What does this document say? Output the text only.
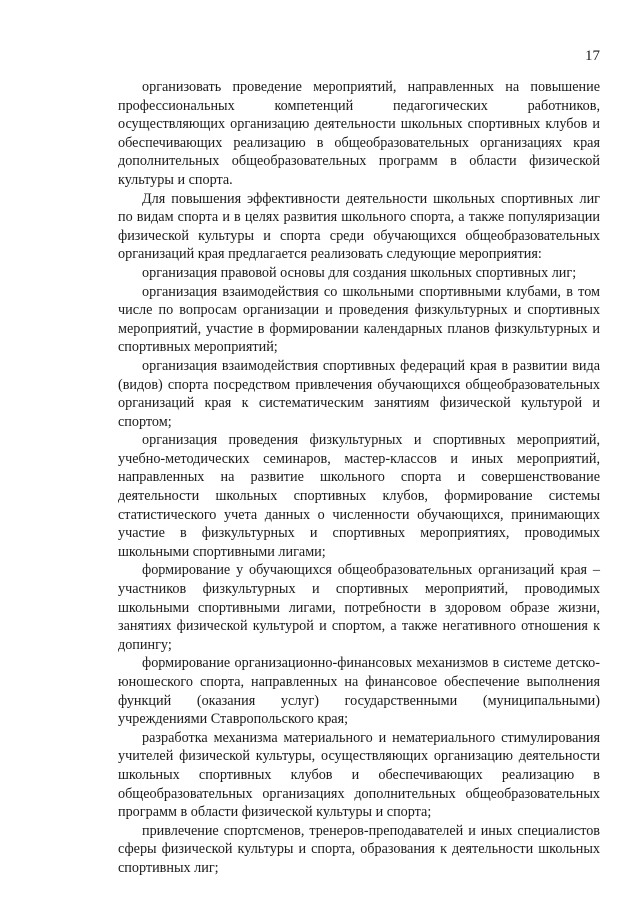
17

организовать проведение мероприятий, направленных на повышение профессиональных компетенций педагогических работников, осуществляющих организацию деятельности школьных спортивных клубов и обеспечивающих реализацию в общеобразовательных организациях края дополнительных общеобразовательных программ в области физической культуры и спорта.

Для повышения эффективности деятельности школьных спортивных лиг по видам спорта и в целях развития школьного спорта, а также популяризации физической культуры и спорта среди обучающихся общеобразовательных организаций края предлагается реализовать следующие мероприятия:

организация правовой основы для создания школьных спортивных лиг;

организация взаимодействия со школьными спортивными клубами, в том числе по вопросам организации и проведения физкультурных и спортивных мероприятий, участие в формировании календарных планов физкультурных и спортивных мероприятий;

организация взаимодействия спортивных федераций края в развитии вида (видов) спорта посредством привлечения обучающихся общеобразовательных организаций края к систематическим занятиям физической культурой и спортом;

организация проведения физкультурных и спортивных мероприятий, учебно-методических семинаров, мастер-классов и иных мероприятий, направленных на развитие школьного спорта и совершенствование деятельности школьных спортивных клубов, формирование системы статистического учета данных о численности обучающихся, принимающих участие в физкультурных и спортивных мероприятиях, проводимых школьными спортивными лигами;

формирование у обучающихся общеобразовательных организаций края – участников физкультурных и спортивных мероприятий, проводимых школьными спортивными лигами, потребности в здоровом образе жизни, занятиях физической культурой и спортом, а также негативного отношения к допингу;

формирование организационно-финансовых механизмов в системе детско-юношеского спорта, направленных на финансовое обеспечение выполнения функций (оказания услуг) государственными (муниципальными) учреждениями Ставропольского края;

разработка механизма материального и нематериального стимулирования учителей физической культуры, осуществляющих организацию деятельности школьных спортивных клубов и обеспечивающих реализацию в общеобразовательных организациях дополнительных общеобразовательных программ в области физической культуры и спорта;

привлечение спортсменов, тренеров-преподавателей и иных специалистов сферы физической культуры и спорта, образования к деятельности школьных спортивных лиг;
